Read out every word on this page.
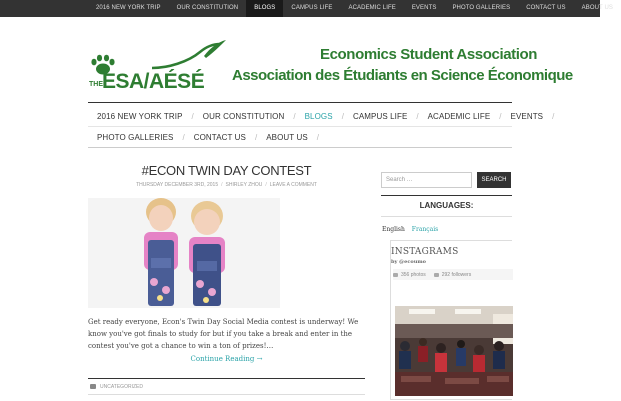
2016 NEW YORK TRIP	OUR CONSTITUTION	BLOGS	CAMPUS LIFE	ACADEMIC LIFE	EVENTS	PHOTO GALLERIES	CONTACT US	ABOUT US
THE ESA/AÉSÉ
Economics Student Association
Association des Étudiants en Science Économique
2016 NEW YORK TRIP	/	OUR CONSTITUTION	/	BLOGS	/	CAMPUS LIFE	/	ACADEMIC LIFE	/	EVENTS	/
PHOTO GALLERIES	/	CONTACT US	/	ABOUT US	/
#ECON TWIN DAY CONTEST
THURSDAY DECEMBER 3RD, 2015 / SHIRLEY ZHOU / LEAVE A COMMENT

Get ready everyone, Econ's Twin Day Social Media contest is underway! We know you've got finals to study for but if you take a break and enter in the contest you've got a chance to win a ton of prizes!…

Continue Reading →
UNCATEGORIZED
Search …	SEARCH
LANGUAGES:
English Français
INSTAGRAMS
by @ecoumo
356 photos	292 followers
